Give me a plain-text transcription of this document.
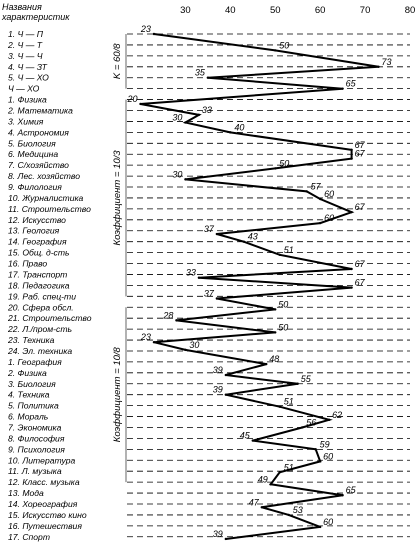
Названия
характеристик
30	40	50	60	70	80
1. Ч — П
2. Ч — Т
3. Ч — Ч
4. Ч — ЗТ
5. Ч — ХО
Ч — ХО
1. Физика
2. Математика
3. Химия
4. Астрономия
5. Биология
6. Медицина
7. С/хозяйство
8. Лес. хозяйство
9. Филология
10. Журналистика
11. Строительство
12. Искусство
13. Геология
14. География
15. Общ. д-сть
16. Право
17. Транспорт
18. Педагогика
19. Раб. спец-ти
20. Сфера обсл.
21. Строительство
22. Л./пром-сть
23. Техника
24. Эл. техника
1. География
2. Физика
3. Биология
4. Техника
5. Политика
6. Мораль
7. Экономика
8. Философия
9. Психология
10. Литература
11. Л. музыка
12. Класс. музыка
13. Мода
14. Хореография
15. Искусство кино
16. Путешествия
17. Спорт
K = 60/8
Коэффициент = 10/3
Коэффициент = 10/8
23
50
73
35
65
20
33
30
40
67
67
50
30
57
60
67
60
37
43
51
67
33
67
37
50
28
50
23
30
48
39
55
39
51
62
56
45
59
60
51
49
65
47
53
60
39
